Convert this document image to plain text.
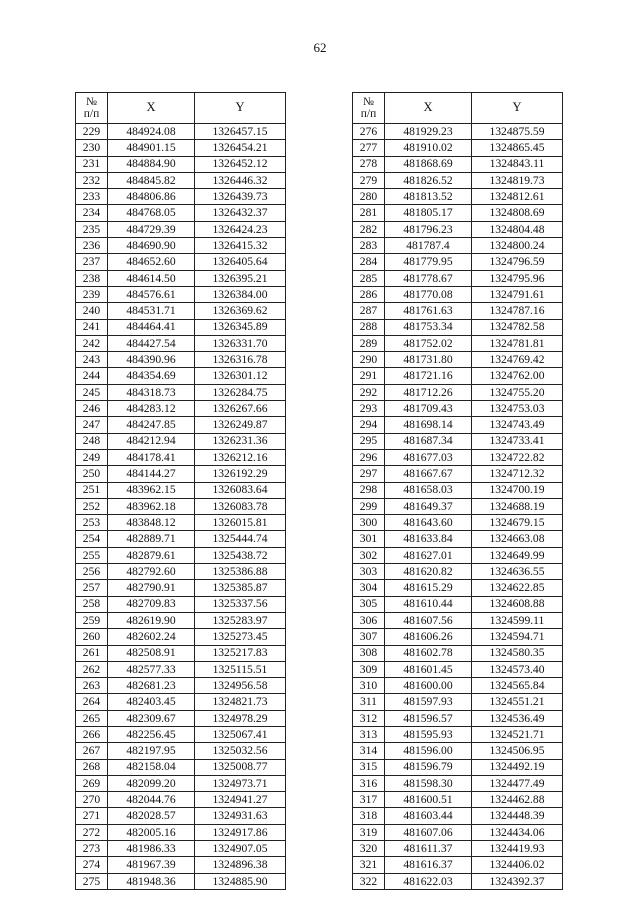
62
№
п/п	X	Y
229	484924.08	1326457.15
230	484901.15	1326454.21
231	484884.90	1326452.12
232	484845.82	1326446.32
233	484806.86	1326439.73
234	484768.05	1326432.37
235	484729.39	1326424.23
236	484690.90	1326415.32
237	484652.60	1326405.64
238	484614.50	1326395.21
239	484576.61	1326384.00
240	484531.71	1326369.62
241	484464.41	1326345.89
242	484427.54	1326331.70
243	484390.96	1326316.78
244	484354.69	1326301.12
245	484318.73	1326284.75
246	484283.12	1326267.66
247	484247.85	1326249.87
248	484212.94	1326231.36
249	484178.41	1326212.16
250	484144.27	1326192.29
251	483962.15	1326083.64
252	483962.18	1326083.78
253	483848.12	1326015.81
254	482889.71	1325444.74
255	482879.61	1325438.72
256	482792.60	1325386.88
257	482790.91	1325385.87
258	482709.83	1325337.56
259	482619.90	1325283.97
260	482602.24	1325273.45
261	482508.91	1325217.83
262	482577.33	1325115.51
263	482681.23	1324956.58
264	482403.45	1324821.73
265	482309.67	1324978.29
266	482256.45	1325067.41
267	482197.95	1325032.56
268	482158.04	1325008.77
269	482099.20	1324973.71
270	482044.76	1324941.27
271	482028.57	1324931.63
272	482005.16	1324917.86
273	481986.33	1324907.05
274	481967.39	1324896.38
275	481948.36	1324885.90
№
п/п	X	Y
276	481929.23	1324875.59
277	481910.02	1324865.45
278	481868.69	1324843.11
279	481826.52	1324819.73
280	481813.52	1324812.61
281	481805.17	1324808.69
282	481796.23	1324804.48
283	481787.4	1324800.24
284	481779.95	1324796.59
285	481778.67	1324795.96
286	481770.08	1324791.61
287	481761.63	1324787.16
288	481753.34	1324782.58
289	481752.02	1324781.81
290	481731.80	1324769.42
291	481721.16	1324762.00
292	481712.26	1324755.20
293	481709.43	1324753.03
294	481698.14	1324743.49
295	481687.34	1324733.41
296	481677.03	1324722.82
297	481667.67	1324712.32
298	481658.03	1324700.19
299	481649.37	1324688.19
300	481643.60	1324679.15
301	481633.84	1324663.08
302	481627.01	1324649.99
303	481620.82	1324636.55
304	481615.29	1324622.85
305	481610.44	1324608.88
306	481607.56	1324599.11
307	481606.26	1324594.71
308	481602.78	1324580.35
309	481601.45	1324573.40
310	481600.00	1324565.84
311	481597.93	1324551.21
312	481596.57	1324536.49
313	481595.93	1324521.71
314	481596.00	1324506.95
315	481596.79	1324492.19
316	481598.30	1324477.49
317	481600.51	1324462.88
318	481603.44	1324448.39
319	481607.06	1324434.06
320	481611.37	1324419.93
321	481616.37	1324406.02
322	481622.03	1324392.37
